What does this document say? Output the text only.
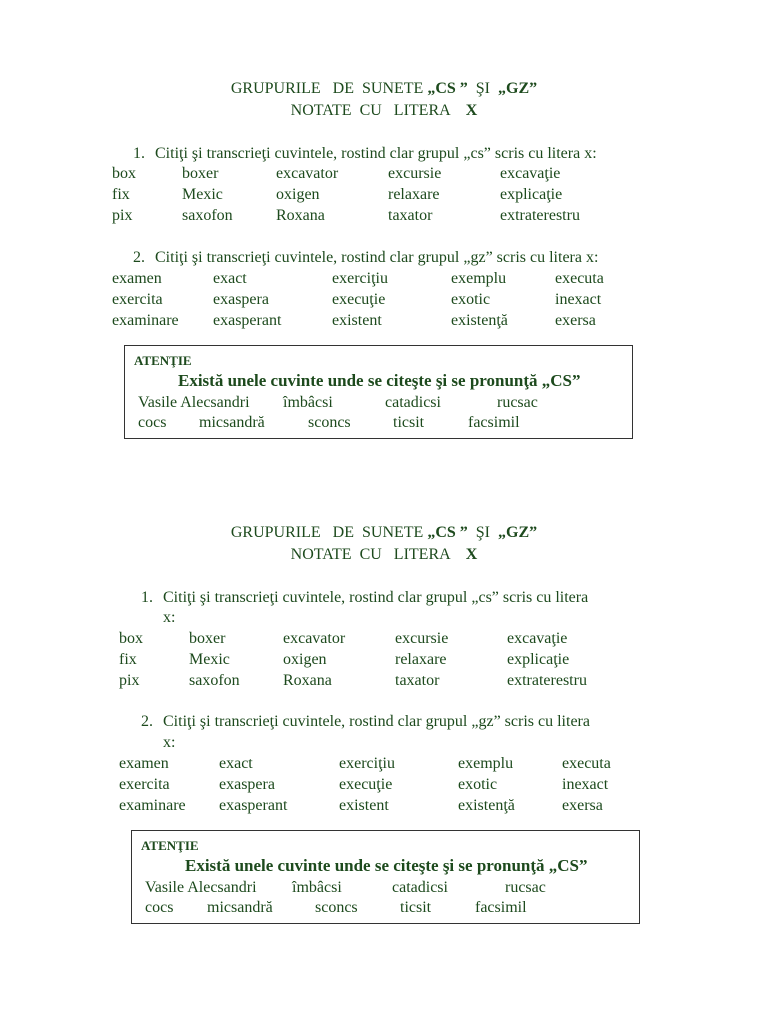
GRUPURILE   DE  SUNETE „CS ”  ŞI  „GZ”
NOTATE  CU   LITERA    X
1. Citiţi şi transcrieţi cuvintele, rostind clar grupul „cs” scris cu litera x:
box	boxer	excavator	excursie	excavaţie
fix	Mexic	oxigen	relaxare	explicaţie
pix	saxofon	Roxana	taxator	extraterestru
2. Citiţi şi transcrieţi cuvintele, rostind clar grupul „gz” scris cu litera x:
examen	exact	exerciţiu	exemplu	executa
exercita	exaspera	execuţie	exotic	inexact
examinare exasperant	existent	existenţă	exersa
ATENŢIE
Există unele cuvinte unde se citeşte şi se pronunţă „CS”
Vasile Alecsandri îmbâcsi	catadicsi	rucsac
cocs micsandră	sconcs	ticsit	facsimil
GRUPURILE   DE  SUNETE „CS ”  ŞI  „GZ”
NOTATE  CU   LITERA    X
1. Citiţi şi transcrieţi cuvintele, rostind clar grupul „cs” scris cu litera
x:
box	boxer	excavator	excursie	excavaţie
fix	Mexic	oxigen	relaxare	explicaţie
pix	saxofon	Roxana	taxator	extraterestru
2. Citiţi şi transcrieţi cuvintele, rostind clar grupul „gz” scris cu litera
x:
examen	exact	exerciţiu	exemplu	executa
exercita	exaspera	execuţie	exotic	inexact
examinare exasperant	existent	existenţă	exersa
ATENŢIE
Există unele cuvinte unde se citeşte şi se pronunţă „CS”
Vasile Alecsandri îmbâcsi	catadicsi	rucsac
cocs micsandră	sconcs	ticsit	facsimil
